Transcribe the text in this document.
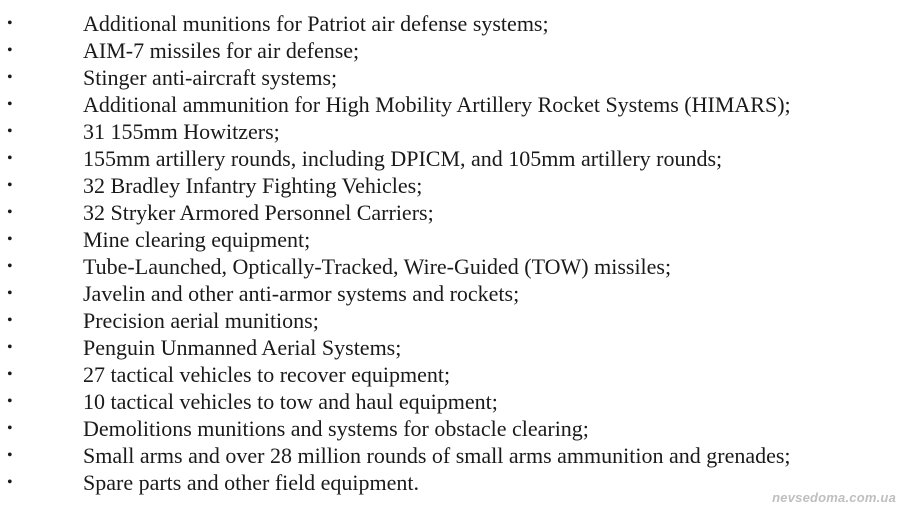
•	Additional munitions for Patriot air defense systems;
•	AIM-7 missiles for air defense;
•	Stinger anti-aircraft systems;
•	Additional ammunition for High Mobility Artillery Rocket Systems (HIMARS);
•	31 155mm Howitzers;
•	155mm artillery rounds, including DPICM, and 105mm artillery rounds;
•	32 Bradley Infantry Fighting Vehicles;
•	32 Stryker Armored Personnel Carriers;
•	Mine clearing equipment;
•	Tube-Launched, Optically-Tracked, Wire-Guided (TOW) missiles;
•	Javelin and other anti-armor systems and rockets;
•	Precision aerial munitions;
•	Penguin Unmanned Aerial Systems;
•	27 tactical vehicles to recover equipment;
•	10 tactical vehicles to tow and haul equipment;
•	Demolitions munitions and systems for obstacle clearing;
•	Small arms and over 28 million rounds of small arms ammunition and grenades;
•	Spare parts and other field equipment.
nevsedoma.com.ua
